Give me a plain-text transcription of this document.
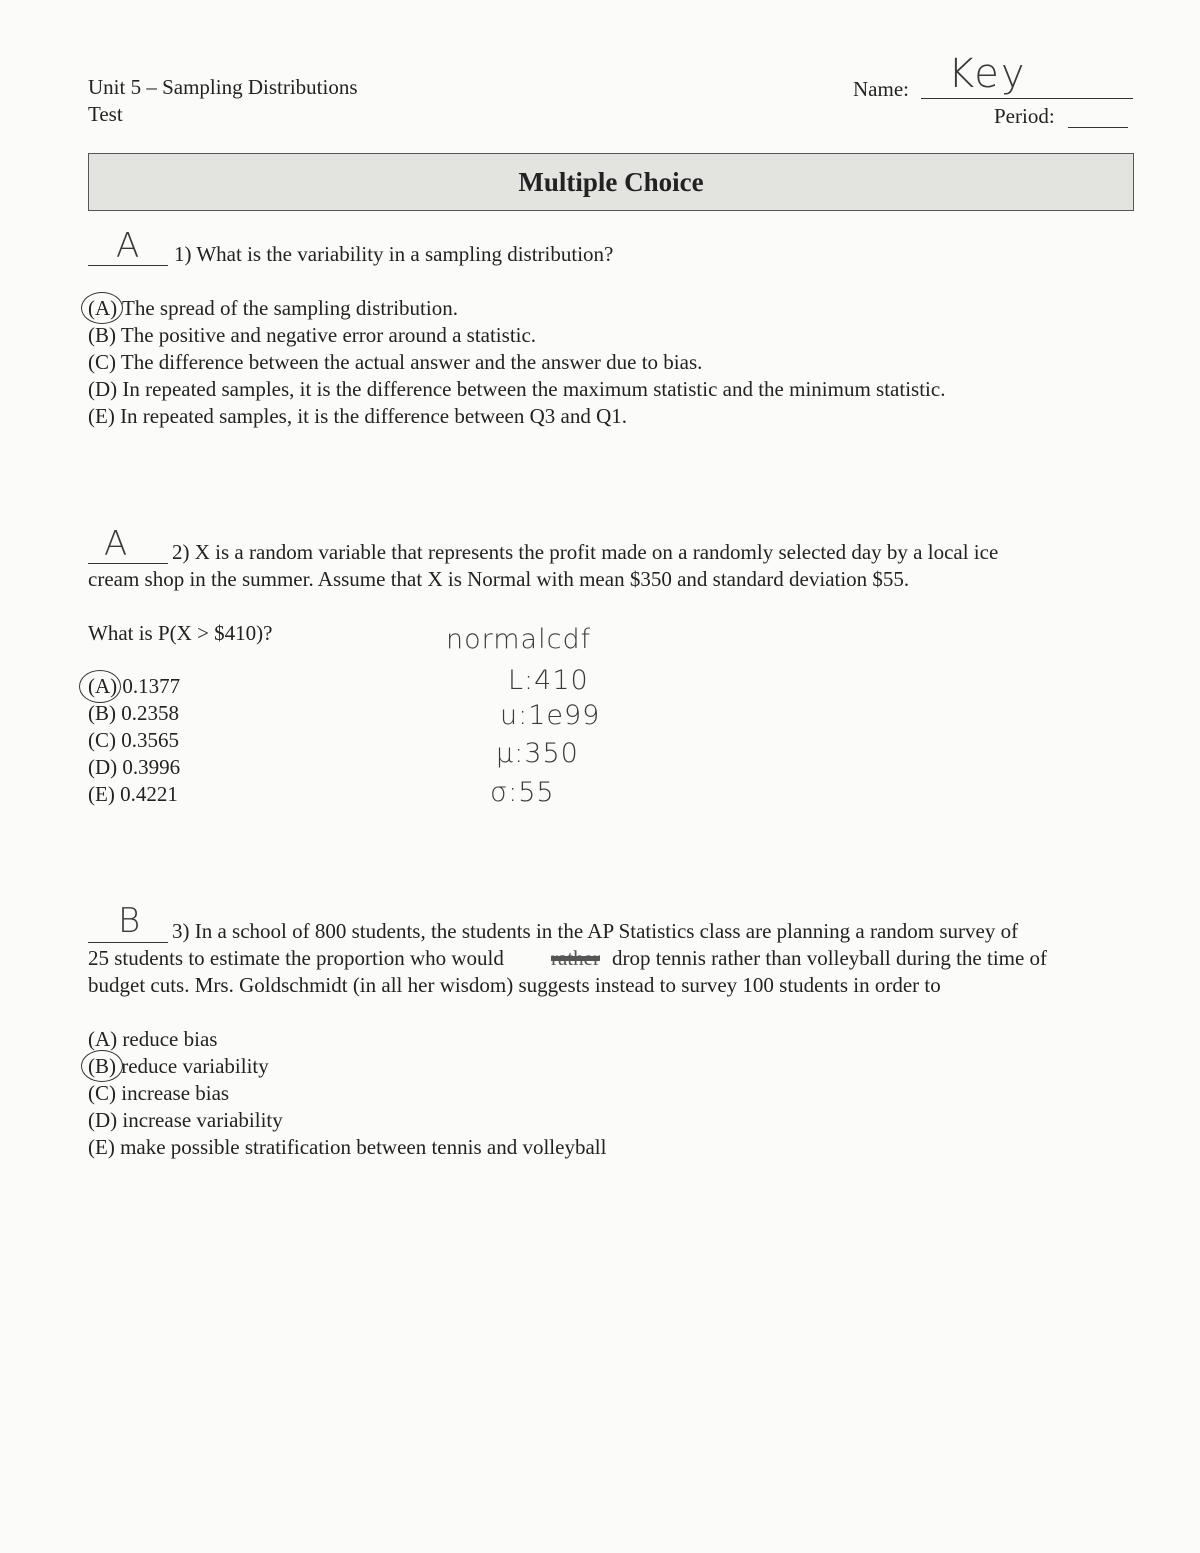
Unit 5 – Sampling Distributions
Test
Name: Key
Period:
Multiple Choice
A 1) What is the variability in a sampling distribution?
(A) The spread of the sampling distribution.
(B) The positive and negative error around a statistic.
(C) The difference between the actual answer and the answer due to bias.
(D) In repeated samples, it is the difference between the maximum statistic and the minimum statistic.
(E) In repeated samples, it is the difference between Q3 and Q1.
A 2) X is a random variable that represents the profit made on a randomly selected day by a local ice
cream shop in the summer. Assume that X is Normal with mean $350 and standard deviation $55.
What is P(X > $410)?
(A) 0.1377
(B) 0.2358
(C) 0.3565
(D) 0.3996
(E) 0.4221
normalcdf
L:410
u:1e99
μ:350
σ:55
B 3) In a school of 800 students, the students in the AP Statistics class are planning a random survey of
25 students to estimate the proportion who would rather drop tennis rather than volleyball during the time of
budget cuts. Mrs. Goldschmidt (in all her wisdom) suggests instead to survey 100 students in order to
(A) reduce bias
(B) reduce variability
(C) increase bias
(D) increase variability
(E) make possible stratification between tennis and volleyball
